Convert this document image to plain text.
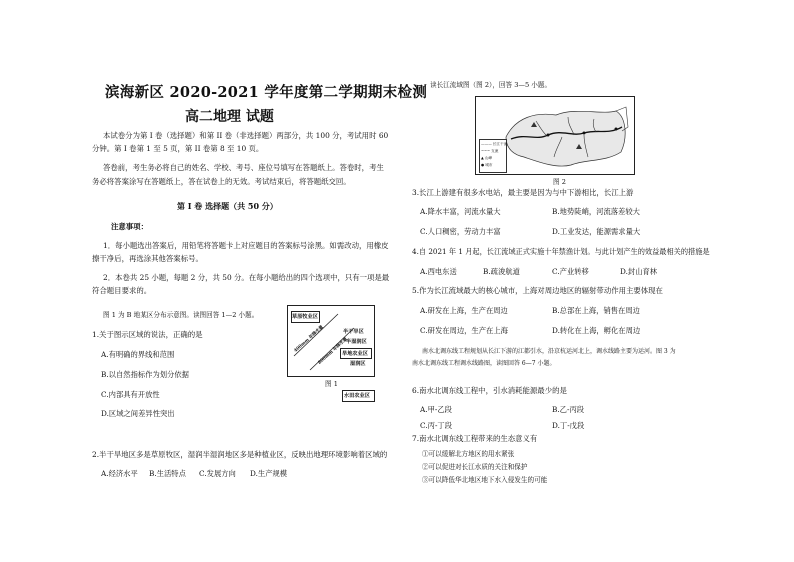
滨海新区 2020-2021 学年度第二学期期末检测
高二地理 试题
本试卷分为第 I 卷（选择题）和第 II 卷（非选择题）两部分，共 100 分，考试用时 60
分钟。第 I 卷第 1 至 5 页，第 II 卷第 8 至 10 页。
答卷前，考生务必将自己的姓名、学校、考号、座位号填写在答题纸上。答卷时，考生
务必将答案涂写在答题纸上，答在试卷上的无效。考试结束后，将答题纸交回。
第 I 卷 选择题（共 50 分）
注意事项：
1．每小题选出答案后，用铅笔将答题卡上对应题目的答案标号涂黑。如需改动，用橡皮
擦干净后，再选涂其他答案标号。
2．本卷共 25 小题，每题 2 分，共 50 分。在每小题给出的四个选项中，只有一项是最
符合题目要求的。
图 1 为 B 地某区分布示意图。读图回答 1—2 小题。
1.关于图示区域的说法，正确的是
A.有明确的界线和范围
B.以自然指标作为划分依据
C.内部具有开放性
D.区域之间差异性突出
2.半干旱地区多是草原牧区，湿润半湿润地区多是种植业区，反映出地理环境影响着区域的
A.经济水平 B.生活特点 C.发展方向 D.生产规模
草原牧业区
半干旱区
半湿润区
旱地农业区
湿润区
400mm 年降水量
800mm 年降水量
水田农业区
图 1
读长江流域图（图 2），回答 3—5 小题。
——— 长江干流
~~~ 支流
▲ 山峰
● 城市
图 2
3.长江上游建有很多水电站，最主要是因为与中下游相比，长江上游
A.降水丰富，河流水量大	B.地势陡峭，河流落差较大
C.人口稠密，劳动力丰富	D.工业发达，能源需求量大
4.自 2021 年 1 月起，长江流域正式实施十年禁渔计划。与此计划产生的效益最相关的措施是
A.西电东送	B.疏浚航道	C.产业转移	D.封山育林
5.作为长江流域最大的核心城市，上海对周边地区的辐射带动作用主要体现在
A.研发在上海，生产在周边	B.总部在上海，销售在周边
C.研发在周边，生产在上海	D.转化在上海，孵化在周边
南水北调东线工程规划从长江下游的江都引水，沿京杭运河北上，调水线路主要为运河。图 3 为
南水北调东线工程调水线路图，读图回答 6—7 小题。
6.南水北调东线工程中，引水消耗能源最少的是
A.甲-乙段	B.乙-丙段
C.丙-丁段	D.丁-戊段
7.南水北调东线工程带来的生态意义有
①可以缓解北方地区的用水紧张
②可以促进对长江水质的关注和保护
③可以降低华北地区地下水入侵发生的可能
